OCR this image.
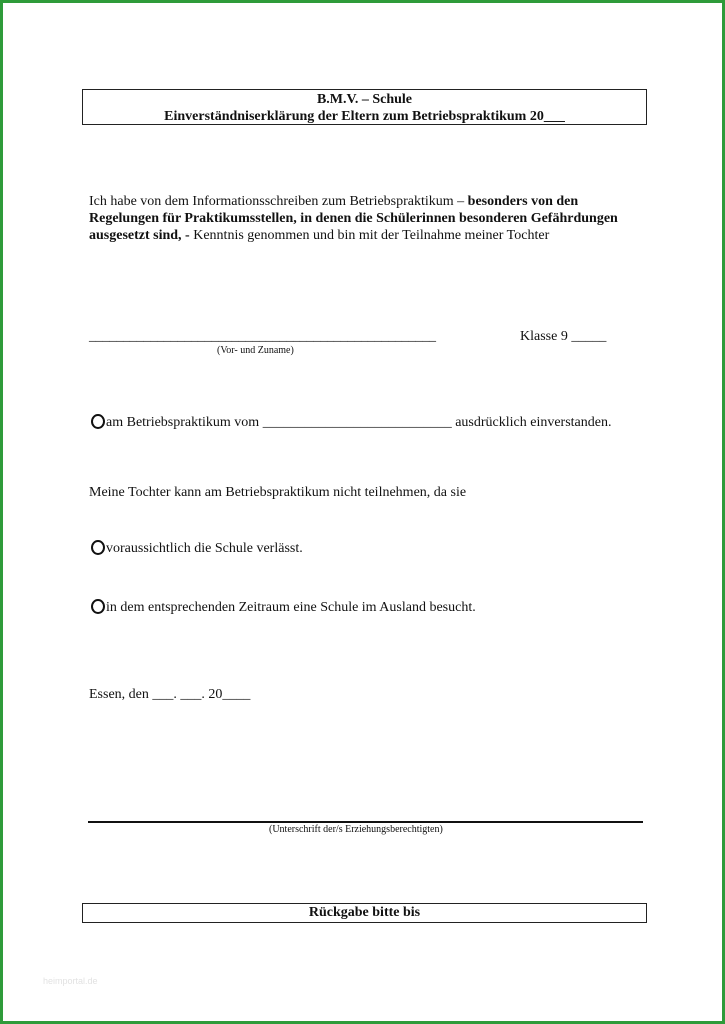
B.M.V. – Schule
Einverständniserklärung der Eltern zum Betriebspraktikum 20___
Ich habe von dem Informationsschreiben zum Betriebspraktikum – besonders von den Regelungen für Praktikumsstellen, in denen die Schülerinnen besonderen Gefährdungen ausgesetzt sind, - Kenntnis genommen und bin mit der Teilnahme meiner Tochter
___________________________________________________
(Vor- und Zuname)
Klasse 9 _____
am Betriebspraktikum vom ___________________________ ausdrücklich einverstanden.
Meine Tochter kann am Betriebspraktikum nicht teilnehmen, da sie
voraussichtlich die Schule verlässt.
in dem entsprechenden Zeitraum eine Schule im Ausland besucht.
Essen, den ___. ___. 20____
(Unterschrift der/s Erziehungsberechtigten)
Rückgabe bitte bis
heimportal.de
